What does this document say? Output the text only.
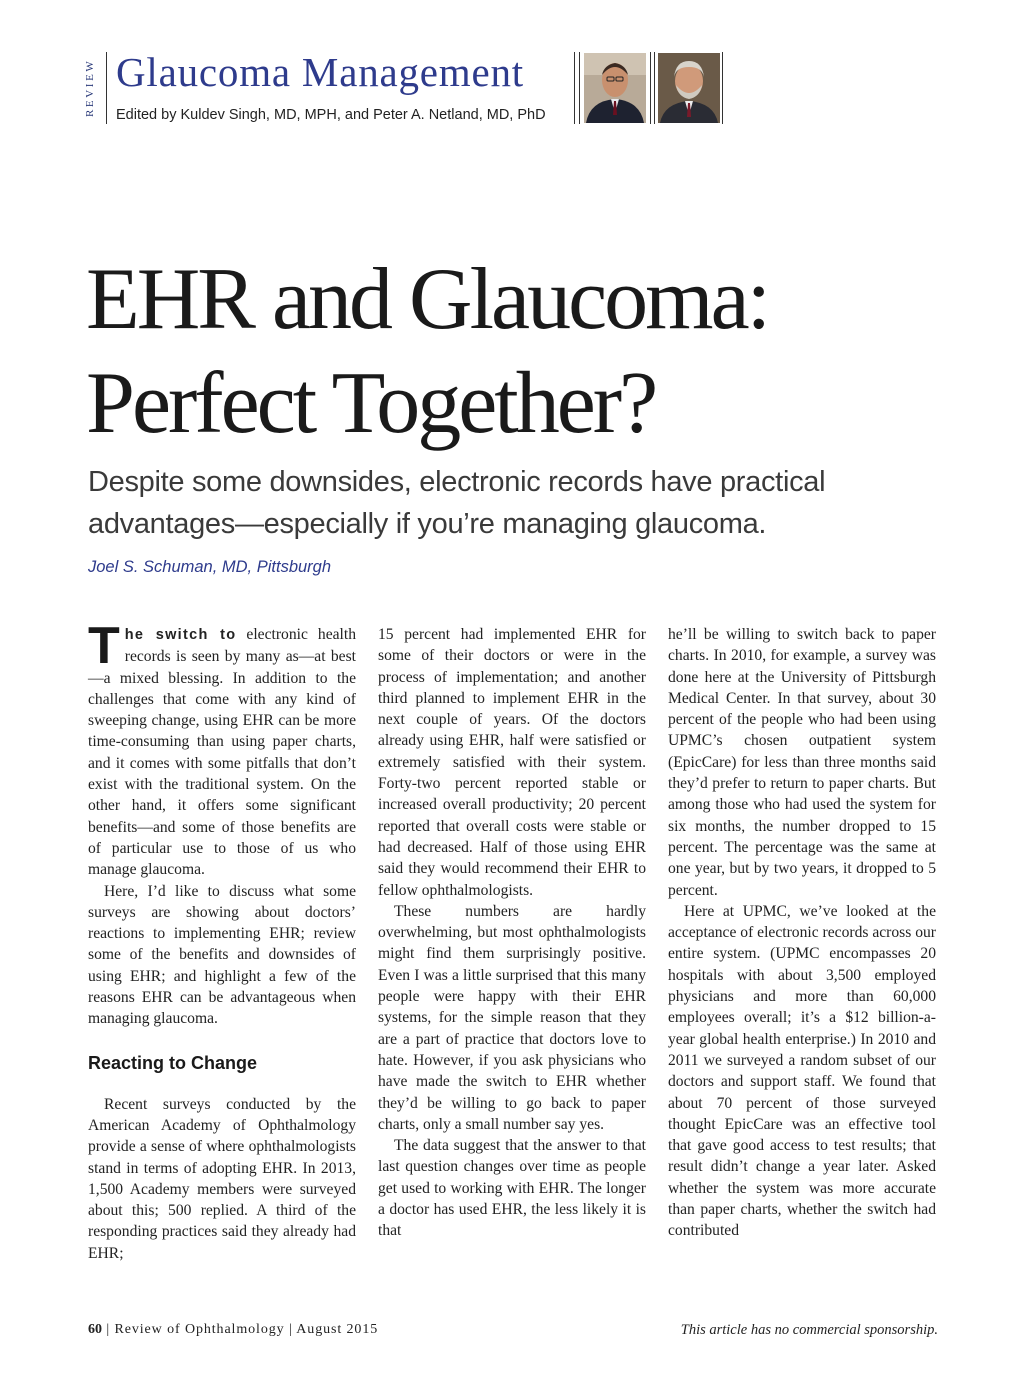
REVIEW Glaucoma Management
Edited by Kuldev Singh, MD, MPH, and Peter A. Netland, MD, PhD
EHR and Glaucoma:
Perfect Together?
Despite some downsides, electronic records have practical advantages—especially if you’re managing glaucoma.
Joel S. Schuman, MD, Pittsburgh

The switch to electronic health records is seen by many as—at best—a mixed blessing. In addition to the challenges that come with any kind of sweeping change, using EHR can be more time-consuming than using paper charts, and it comes with some pitfalls that don’t exist with the traditional system. On the other hand, it offers some significant benefits—and some of those benefits are of particular use to those of us who manage glaucoma.

Here, I’d like to discuss what some surveys are showing about doctors’ reactions to implementing EHR; review some of the benefits and downsides of using EHR; and highlight a few of the reasons EHR can be advantageous when managing glaucoma.

Reacting to Change

Recent surveys conducted by the American Academy of Ophthalmology provide a sense of where ophthalmologists stand in terms of adopting EHR. In 2013, 1,500 Academy members were surveyed about this; 500 replied. A third of the responding practices said they already had EHR;

15 percent had implemented EHR for some of their doctors or were in the process of implementation; and another third planned to implement EHR in the next couple of years. Of the doctors already using EHR, half were satisfied or extremely satisfied with their system. Forty-two percent reported stable or increased overall productivity; 20 percent reported that overall costs were stable or had decreased. Half of those using EHR said they would recommend their EHR to fellow ophthalmologists.

These numbers are hardly overwhelming, but most ophthalmologists might find them surprisingly positive. Even I was a little surprised that this many people were happy with their EHR systems, for the simple reason that they are a part of practice that doctors love to hate. However, if you ask physicians who have made the switch to EHR whether they’d be willing to go back to paper charts, only a small number say yes.

The data suggest that the answer to that last question changes over time as people get used to working with EHR. The longer a doctor has used EHR, the less likely it is that

he’ll be willing to switch back to paper charts. In 2010, for example, a survey was done here at the University of Pittsburgh Medical Center. In that survey, about 30 percent of the people who had been using UPMC’s chosen outpatient system (EpicCare) for less than three months said they’d prefer to return to paper charts. But among those who had used the system for six months, the number dropped to 15 percent. The percentage was the same at one year, but by two years, it dropped to 5 percent.

Here at UPMC, we’ve looked at the acceptance of electronic records across our entire system. (UPMC encompasses 20 hospitals with about 3,500 employed physicians and more than 60,000 employees overall; it’s a $12 billion-a-year global health enterprise.) In 2010 and 2011 we surveyed a random subset of our doctors and support staff. We found that about 70 percent of those surveyed thought EpicCare was an effective tool that gave good access to test results; that result didn’t change a year later. Asked whether the system was more accurate than paper charts, whether the switch had contributed

60 | Review of Ophthalmology | August 2015	This article has no commercial sponsorship.
